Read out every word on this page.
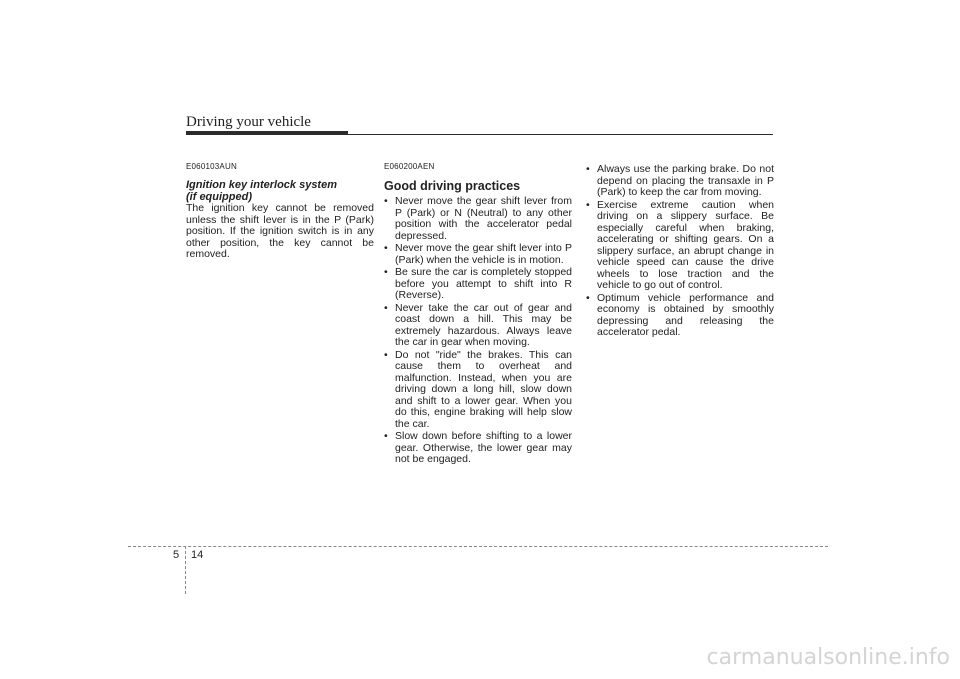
Driving your vehicle
E060103AUN
Ignition key interlock system
(if equipped)

The ignition key cannot be removed unless the shift lever is in the P (Park) position. If the ignition switch is in any other position, the key cannot be removed.

E060200AEN
Good driving practices
• Never move the gear shift lever from P (Park) or N (Neutral) to any other position with the accelerator pedal depressed.
• Never move the gear shift lever into P (Park) when the vehicle is in motion.
• Be sure the car is completely stopped before you attempt to shift into R (Reverse).
• Never take the car out of gear and coast down a hill. This may be extremely hazardous. Always leave the car in gear when moving.
• Do not "ride" the brakes. This can cause them to overheat and malfunction. Instead, when you are driving down a long hill, slow down and shift to a lower gear. When you do this, engine braking will help slow the car.
• Slow down before shifting to a lower gear. Otherwise, the lower gear may not be engaged.
• Always use the parking brake. Do not depend on placing the transaxle in P (Park) to keep the car from moving.
• Exercise extreme caution when driving on a slippery surface. Be especially careful when braking, accelerating or shifting gears. On a slippery surface, an abrupt change in vehicle speed can cause the drive wheels to lose traction and the vehicle to go out of control.
• Optimum vehicle performance and economy is obtained by smoothly depressing and releasing the accelerator pedal.
5 14
carmanualsonline.info
